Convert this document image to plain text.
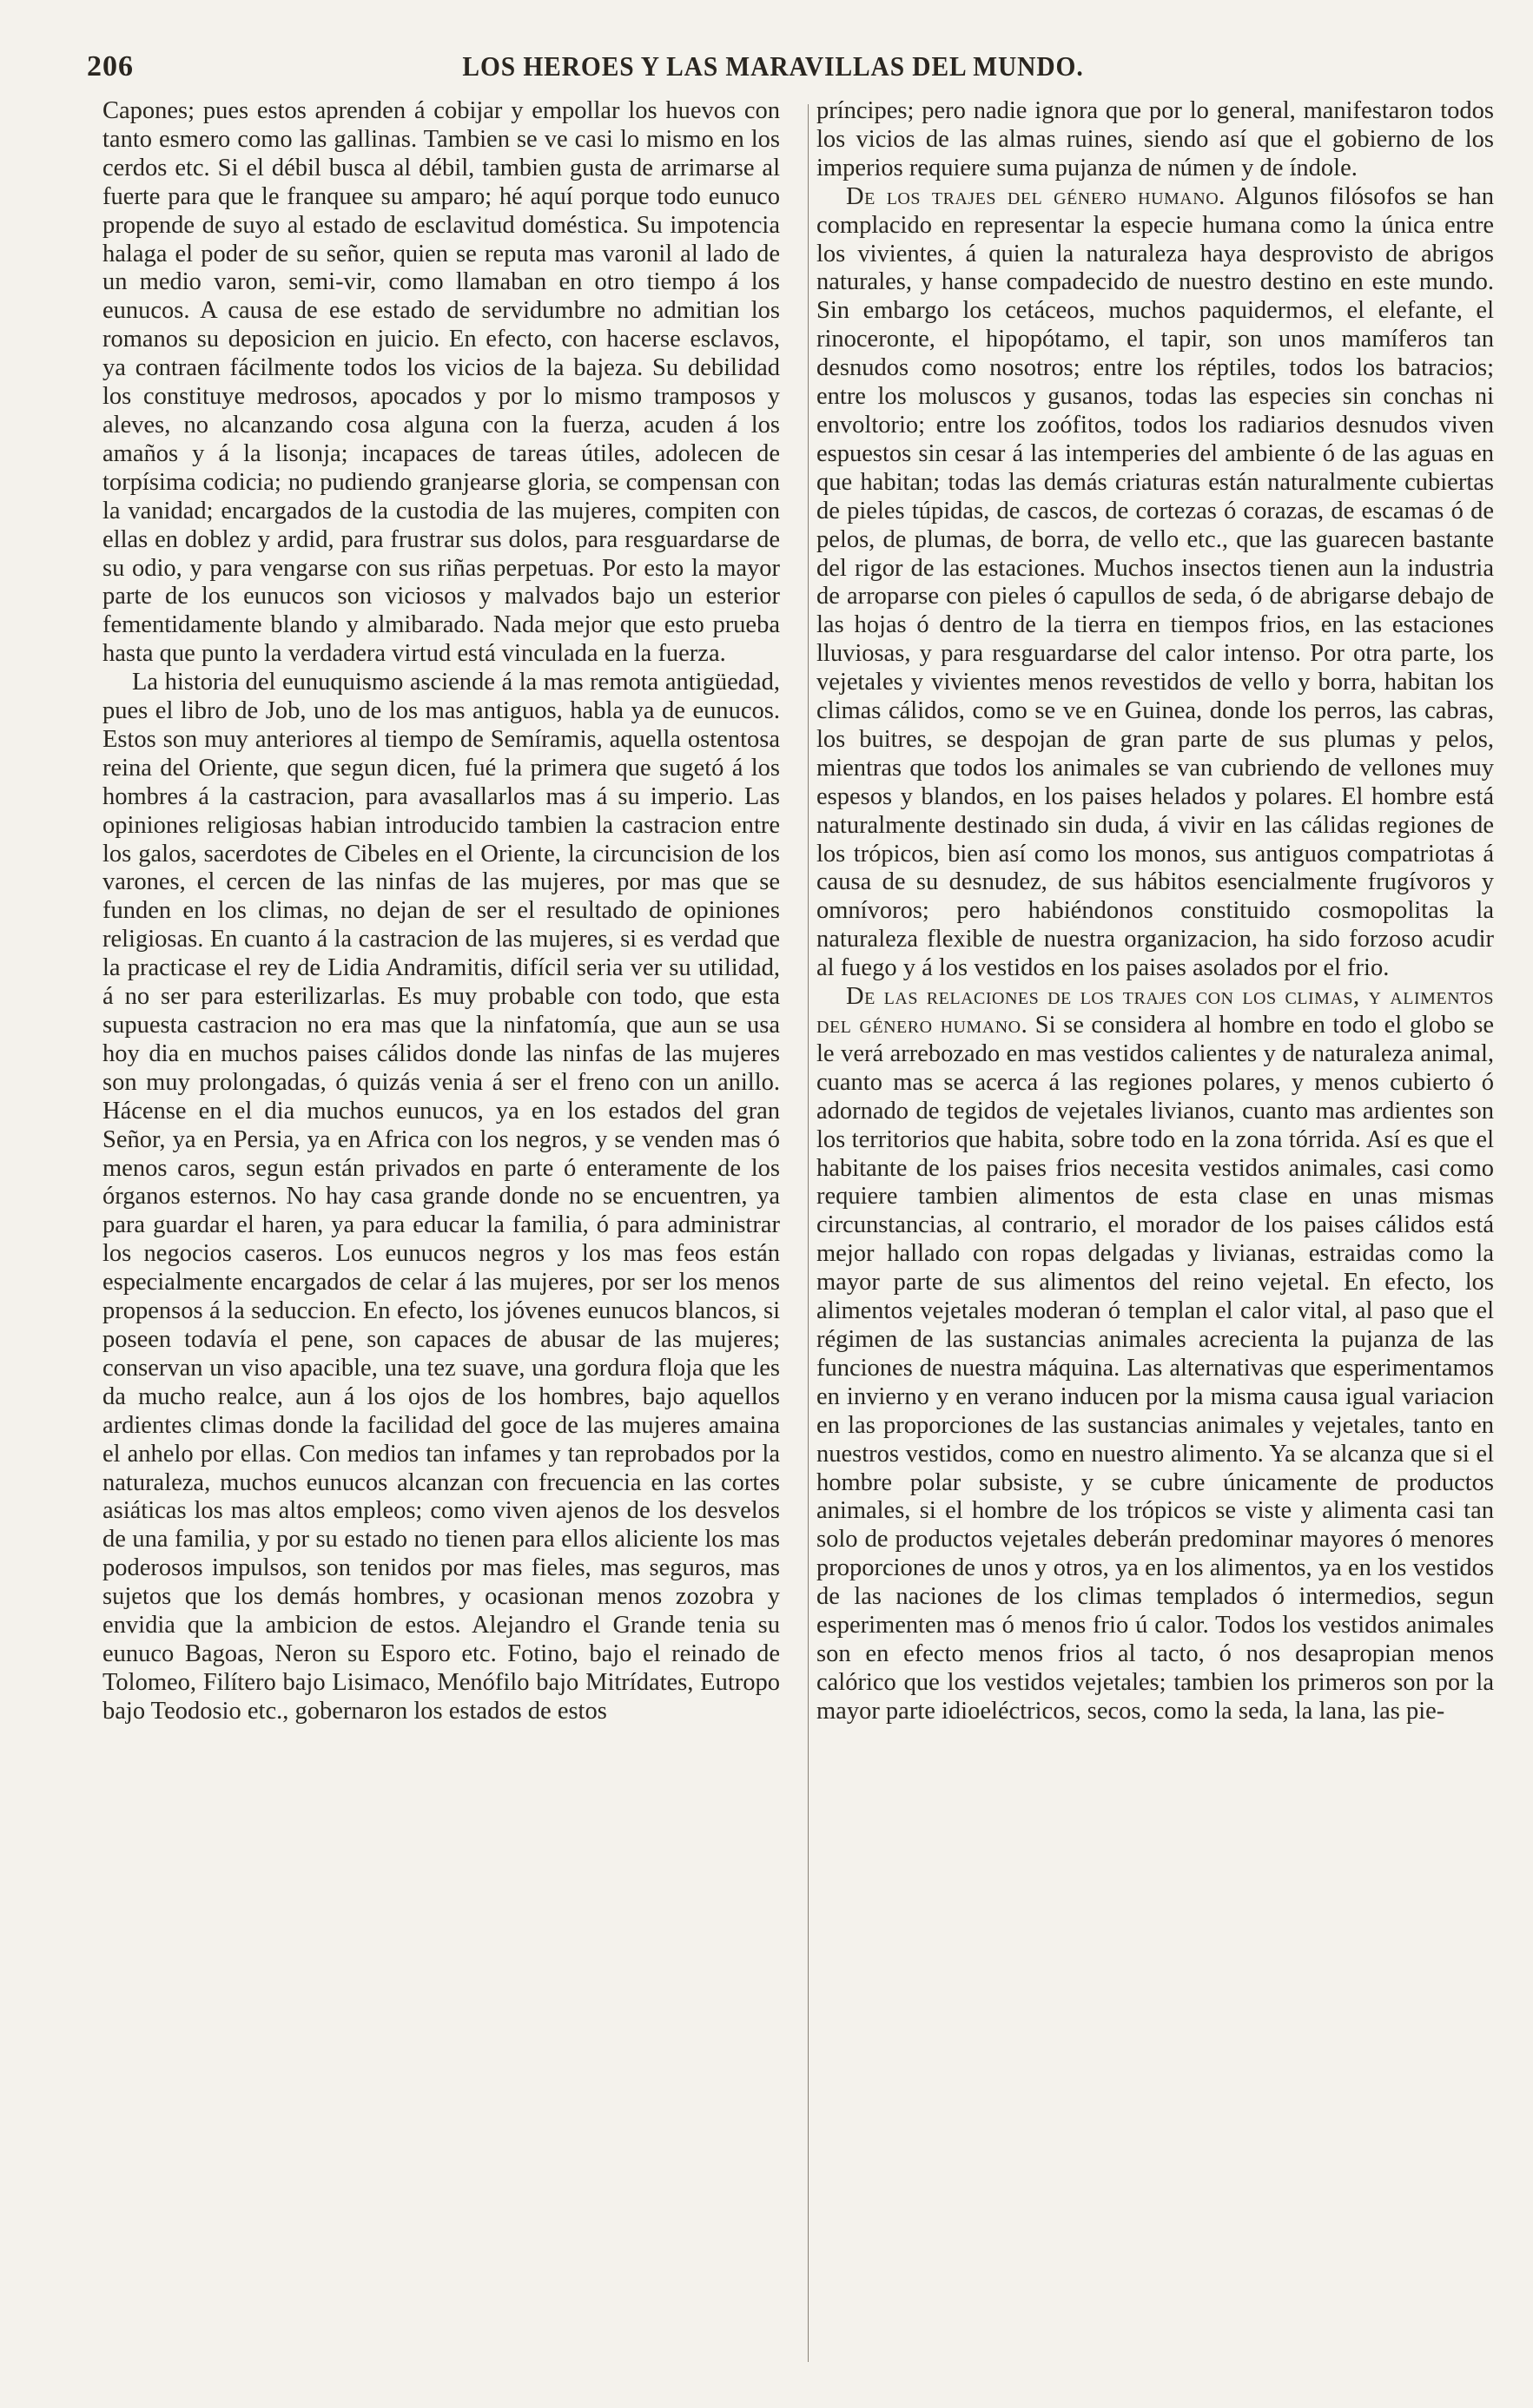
206	LOS HEROES Y LAS MARAVILLAS DEL MUNDO.

Capones; pues estos aprenden á cobijar y empollar los huevos con tanto esmero como las gallinas. Tambien se ve casi lo mismo en los cerdos etc. Si el débil busca al débil, tambien gusta de arrimarse al fuerte para que le franquee su amparo; hé aquí porque todo eunuco propende de suyo al estado de esclavitud doméstica. Su impotencia halaga el poder de su señor, quien se reputa mas varonil al lado de un medio varon, semi-vir, como llamaban en otro tiempo á los eunucos. A causa de ese estado de servidumbre no admitian los romanos su deposicion en juicio. En efecto, con hacerse esclavos, ya contraen fácilmente todos los vicios de la bajeza. Su debilidad los constituye medrosos, apocados y por lo mismo tramposos y aleves, no alcanzando cosa alguna con la fuerza, acuden á los amaños y á la lisonja; incapaces de tareas útiles, adolecen de torpísima codicia; no pudiendo granjearse gloria, se compensan con la vanidad; encargados de la custodia de las mujeres, compiten con ellas en doblez y ardid, para frustrar sus dolos, para resguardarse de su odio, y para vengarse con sus riñas perpetuas. Por esto la mayor parte de los eunucos son viciosos y malvados bajo un esterior fementidamente blando y almibarado. Nada mejor que esto prueba hasta que punto la verdadera virtud está vinculada en la fuerza.

La historia del eunuquismo asciende á la mas remota antigüedad, pues el libro de Job, uno de los mas antiguos, habla ya de eunucos. Estos son muy anteriores al tiempo de Semíramis, aquella ostentosa reina del Oriente, que segun dicen, fué la primera que sugetó á los hombres á la castracion, para avasallarlos mas á su imperio. Las opiniones religiosas habian introducido tambien la castracion entre los galos, sacerdotes de Cibeles en el Oriente, la circuncision de los varones, el cercen de las ninfas de las mujeres, por mas que se funden en los climas, no dejan de ser el resultado de opiniones religiosas. En cuanto á la castracion de las mujeres, si es verdad que la practicase el rey de Lidia Andramitis, difícil seria ver su utilidad, á no ser para esterilizarlas. Es muy probable con todo, que esta supuesta castracion no era mas que la ninfatomía, que aun se usa hoy dia en muchos paises cálidos donde las ninfas de las mujeres son muy prolongadas, ó quizás venia á ser el freno con un anillo. Hácense en el dia muchos eunucos, ya en los estados del gran Señor, ya en Persia, ya en Africa con los negros, y se venden mas ó menos caros, segun están privados en parte ó enteramente de los órganos esternos. No hay casa grande donde no se encuentren, ya para guardar el haren, ya para educar la familia, ó para administrar los negocios caseros. Los eunucos negros y los mas feos están especialmente encargados de celar á las mujeres, por ser los menos propensos á la seduccion. En efecto, los jóvenes eunucos blancos, si poseen todavía el pene, son capaces de abusar de las mujeres; conservan un viso apacible, una tez suave, una gordura floja que les da mucho realce, aun á los ojos de los hombres, bajo aquellos ardientes climas donde la facilidad del goce de las mujeres amaina el anhelo por ellas. Con medios tan infames y tan reprobados por la naturaleza, muchos eunucos alcanzan con frecuencia en las cortes asiáticas los mas altos empleos; como viven ajenos de los desvelos de una familia, y por su estado no tienen para ellos aliciente los mas poderosos impulsos, son tenidos por mas fieles, mas seguros, mas sujetos que los demás hombres, y ocasionan menos zozobra y envidia que la ambicion de estos. Alejandro el Grande tenia su eunuco Bagoas, Neron su Esporo etc. Fotino, bajo el reinado de Tolomeo, Filítero bajo Lisimaco, Menófilo bajo Mitrídates, Eutropo bajo Teodosio etc., gobernaron los estados de estos

príncipes; pero nadie ignora que por lo general, manifestaron todos los vicios de las almas ruines, siendo así que el gobierno de los imperios requiere suma pujanza de númen y de índole.

De los trajes del género humano. Algunos filósofos se han complacido en representar la especie humana como la única entre los vivientes, á quien la naturaleza haya desprovisto de abrigos naturales, y hanse compadecido de nuestro destino en este mundo. Sin embargo los cetáceos, muchos paquidermos, el elefante, el rinoceronte, el hipopótamo, el tapir, son unos mamíferos tan desnudos como nosotros; entre los réptiles, todos los batracios; entre los moluscos y gusanos, todas las especies sin conchas ni envoltorio; entre los zoófitos, todos los radiarios desnudos viven espuestos sin cesar á las intemperies del ambiente ó de las aguas en que habitan; todas las demás criaturas están naturalmente cubiertas de pieles túpidas, de cascos, de cortezas ó corazas, de escamas ó de pelos, de plumas, de borra, de vello etc., que las guarecen bastante del rigor de las estaciones. Muchos insectos tienen aun la industria de arroparse con pieles ó capullos de seda, ó de abrigarse debajo de las hojas ó dentro de la tierra en tiempos frios, en las estaciones lluviosas, y para resguardarse del calor intenso. Por otra parte, los vejetales y vivientes menos revestidos de vello y borra, habitan los climas cálidos, como se ve en Guinea, donde los perros, las cabras, los buitres, se despojan de gran parte de sus plumas y pelos, mientras que todos los animales se van cubriendo de vellones muy espesos y blandos, en los paises helados y polares. El hombre está naturalmente destinado sin duda, á vivir en las cálidas regiones de los trópicos, bien así como los monos, sus antiguos compatriotas á causa de su desnudez, de sus hábitos esencialmente frugívoros y omnívoros; pero habiéndonos constituido cosmopolitas la naturaleza flexible de nuestra organizacion, ha sido forzoso acudir al fuego y á los vestidos en los paises asolados por el frio.

De las relaciones de los trajes con los climas, y alimentos del género humano. Si se considera al hombre en todo el globo se le verá arrebozado en mas vestidos calientes y de naturaleza animal, cuanto mas se acerca á las regiones polares, y menos cubierto ó adornado de tegidos de vejetales livianos, cuanto mas ardientes son los territorios que habita, sobre todo en la zona tórrida. Así es que el habitante de los paises frios necesita vestidos animales, casi como requiere tambien alimentos de esta clase en unas mismas circunstancias, al contrario, el morador de los paises cálidos está mejor hallado con ropas delgadas y livianas, estraidas como la mayor parte de sus alimentos del reino vejetal. En efecto, los alimentos vejetales moderan ó templan el calor vital, al paso que el régimen de las sustancias animales acrecienta la pujanza de las funciones de nuestra máquina. Las alternativas que esperimentamos en invierno y en verano inducen por la misma causa igual variacion en las proporciones de las sustancias animales y vejetales, tanto en nuestros vestidos, como en nuestro alimento. Ya se alcanza que si el hombre polar subsiste, y se cubre únicamente de productos animales, si el hombre de los trópicos se viste y alimenta casi tan solo de productos vejetales deberán predominar mayores ó menores proporciones de unos y otros, ya en los alimentos, ya en los vestidos de las naciones de los climas templados ó intermedios, segun esperimenten mas ó menos frio ú calor. Todos los vestidos animales son en efecto menos frios al tacto, ó nos desapropian menos calórico que los vestidos vejetales; tambien los primeros son por la mayor parte idioeléctricos, secos, como la seda, la lana, las pie-
